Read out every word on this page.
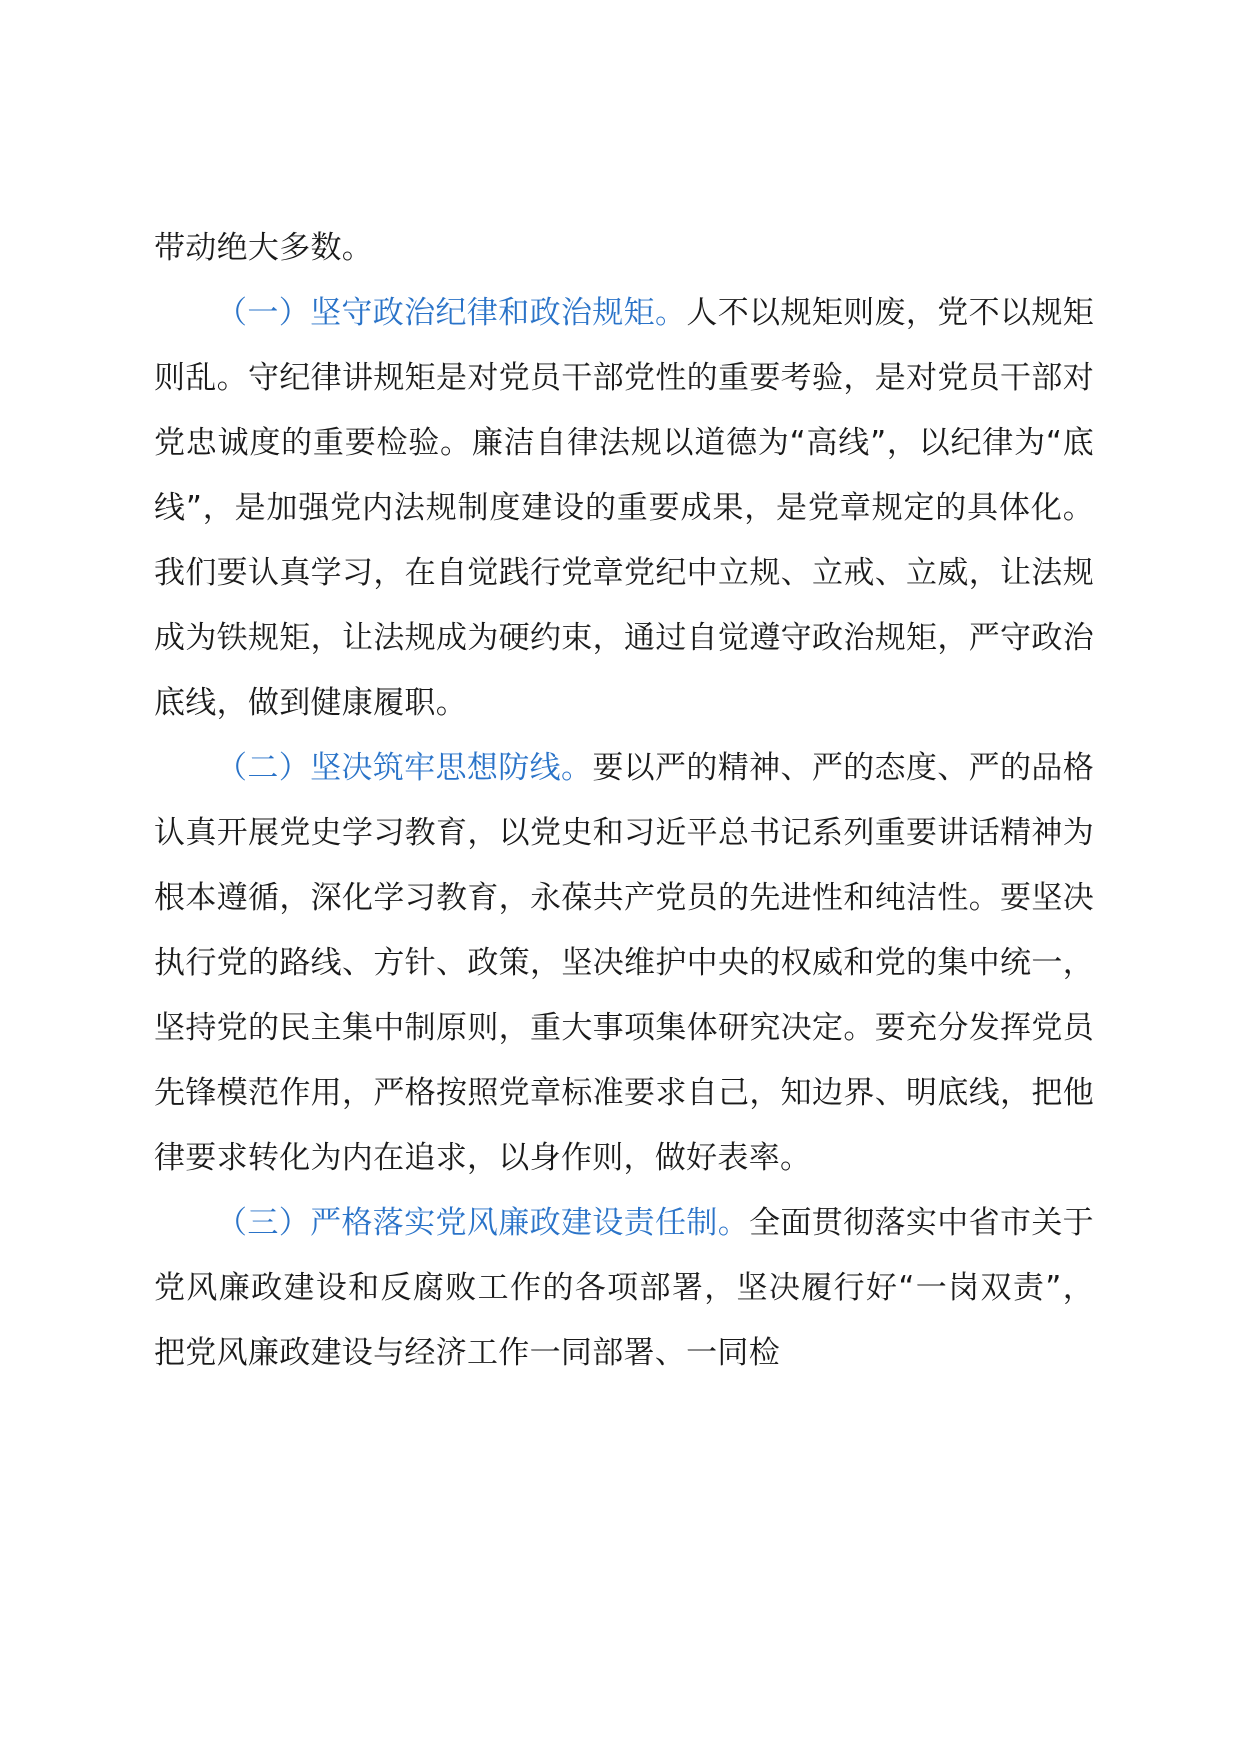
带动绝大多数。

（一）坚守政治纪律和政治规矩。人不以规矩则废，党不以规矩则乱。守纪律讲规矩是对党员干部党性的重要考验，是对党员干部对党忠诚度的重要检验。廉洁自律法规以道德为“高线”，以纪律为“底线”，是加强党内法规制度建设的重要成果，是党章规定的具体化。我们要认真学习，在自觉践行党章党纪中立规、立戒、立威，让法规成为铁规矩，让法规成为硬约束，通过自觉遵守政治规矩，严守政治底线，做到健康履职。

（二）坚决筑牢思想防线。要以严的精神、严的态度、严的品格认真开展党史学习教育，以党史和习近平总书记系列重要讲话精神为根本遵循，深化学习教育，永葆共产党员的先进性和纯洁性。要坚决执行党的路线、方针、政策，坚决维护中央的权威和党的集中统一，坚持党的民主集中制原则，重大事项集体研究决定。要充分发挥党员先锋模范作用，严格按照党章标准要求自己，知边界、明底线，把他律要求转化为内在追求，以身作则，做好表率。

（三）严格落实党风廉政建设责任制。全面贯彻落实中省市关于党风廉政建设和反腐败工作的各项部署，坚决履行好“一岗双责”，把党风廉政建设与经济工作一同部署、一同检
